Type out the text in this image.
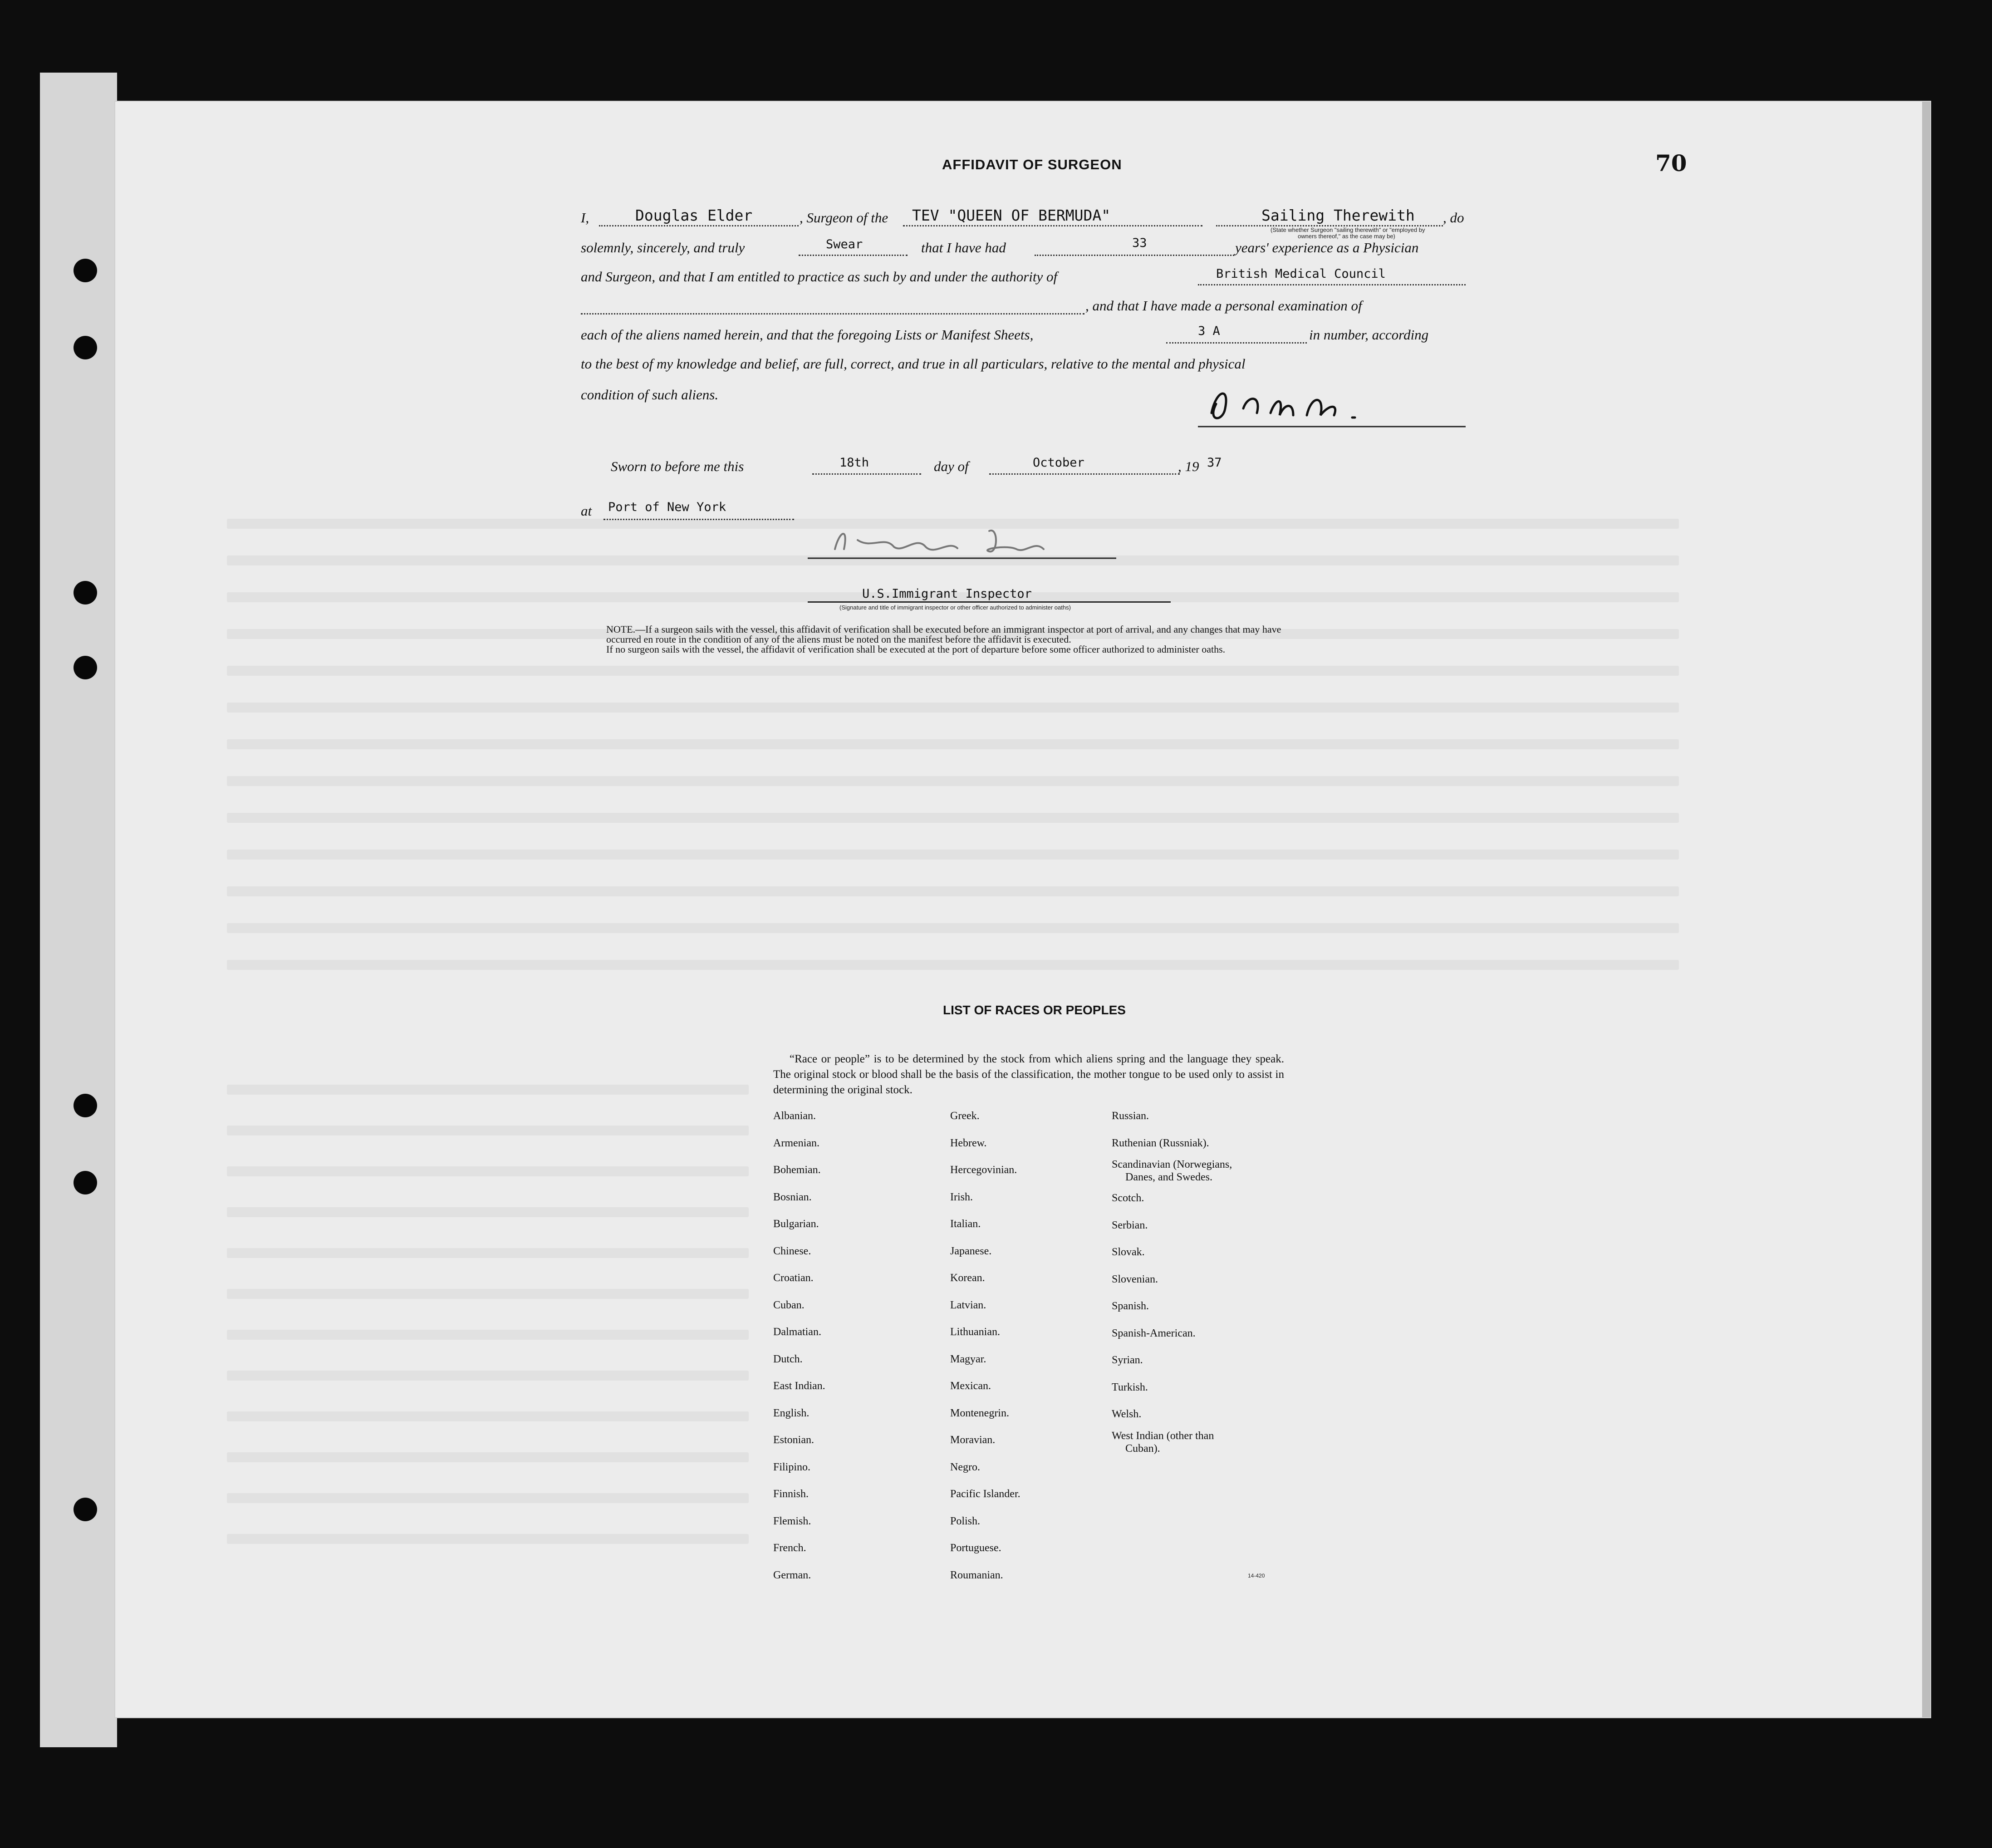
70
AFFIDAVIT OF SURGEON
I,	Douglas Elder	, Surgeon of the TEV "QUEEN OF BERMUDA"	Sailing Therewith , do
(State whether Surgeon "sailing therewith" or "employed by
owners thereof," as the case may be)
solemnly, sincerely, and truly	Swear	that I have had	33	years' experience as a Physician
and Surgeon, and that I am entitled to practice as such by and under the authority of	British Medical Council
, and that I have made a personal examination of
each of the aliens named herein, and that the foregoing Lists or Manifest Sheets,	3 A	in number, according
to the best of my knowledge and belief, are full, correct, and true in all particulars, relative to the mental and physical
condition of such aliens.
Sworn to before me this	18th	day of	October	, 19 37
at Port of New York
U.S.Immigrant Inspector
(Signature and title of immigrant inspector or other officer authorized to administer oaths)
NOTE.—If a surgeon sails with the vessel, this affidavit of verification shall be executed before an immigrant inspector at port of arrival, and any changes that may have
occurred en route in the condition of any of the aliens must be noted on the manifest before the affidavit is executed.
If no surgeon sails with the vessel, the affidavit of verification shall be executed at the port of departure before some officer authorized to administer oaths.
LIST OF RACES OR PEOPLES
“Race or people” is to be determined by the stock from which aliens spring and the language they speak. The original stock or blood shall be the basis of the classification, the mother tongue to be used only to assist in determining the original stock.
Albanian.
Armenian.
Bohemian.
Bosnian.
Bulgarian.
Chinese.
Croatian.
Cuban.
Dalmatian.
Dutch.
East Indian.
English.
Estonian.
Filipino.
Finnish.
Flemish.
French.
German.
Greek.
Hebrew.
Hercegovinian.
Irish.
Italian.
Japanese.
Korean.
Latvian.
Lithuanian.
Magyar.
Mexican.
Montenegrin.
Moravian.
Negro.
Pacific Islander.
Polish.
Portuguese.
Roumanian.
Russian.
Ruthenian (Russniak).
Scandinavian (Norwegians,
Danes, and Swedes.
Scotch.
Serbian.
Slovak.
Slovenian.
Spanish.
Spanish-American.
Syrian.
Turkish.
Welsh.
West Indian (other than
Cuban).
14-420
